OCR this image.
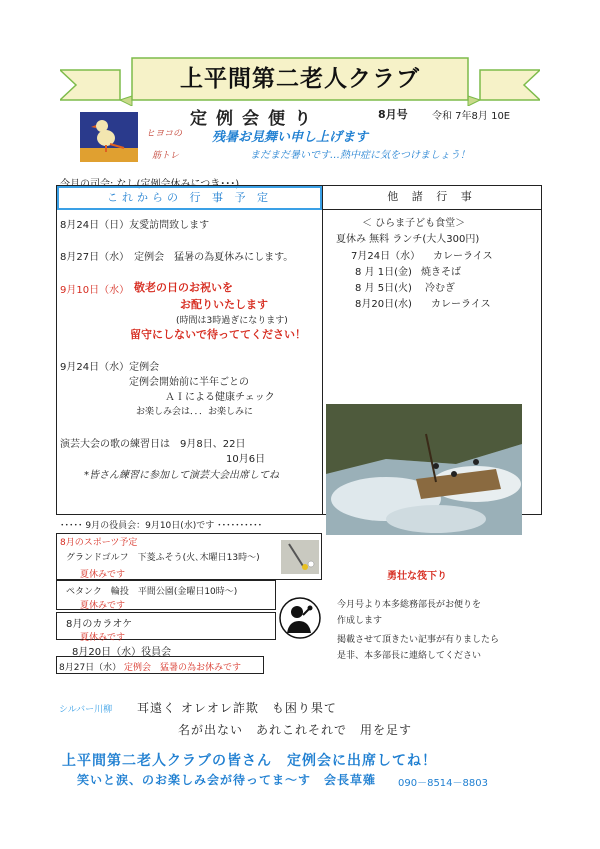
上平間第二老人クラブ
定例会便り	8月号 令和 7年8月 10E
ヒヨコの
筋トレ
残暑お見舞い申し上げます
まだまだ暑いです…熱中症に気をつけましょう！
今月の司会: なし(定例会休みにつき･･･)
これからの 行 事 予 定	他 諸 行 事
8月24日（日）友愛訪問致します
8月27日（水）　定例会　猛暑の為夏休みにします。
9月10日（水） 敬老の日のお祝いを
お配りいたします
(時間は3時過ぎになります)
留守にしないで待っててください！
9月24日（水）定例会
定例会開始前に半年ごとの
ＡＩによる健康チェック
お楽しみ会は．．．お楽しみに
演芸大会の歌の練習日は　9月8日、22日
10月6日
*皆さん練習に参加して演芸大会出席してね
＜ ひらま子ども食堂＞
夏休み 無料 ランチ(大人300円)
7月24日（水） カレーライス
8 月 1日(金) 焼きそば
8 月 5日(火) 冷むぎ
8月20日(水) カレーライス
勇壮な筏下り
今月号より本多総務部長がお便りを
作成します
掲載させて頂きたい記事が有りましたら
是非、本多部長に連絡してください
･････ 9月の役員会：9月10日(水)です ･･････････
8月のスポーツ予定
グランドゴルフ　下菱ふそう(火､木曜日13時～)
夏休みです
ペタンク　輪投　平間公園(金曜日10時～)
夏休みです
8月のカラオケ
夏休みです
8月20日（水）役員会
8月27日（水） 定例会　猛暑の為お休みです
シルバー川柳 耳遠く オレオレ詐欺　も困り果て
名が出ない　あれこれそれで　用を足す
上平間第二老人クラブの皆さん　定例会に出席してね！
笑いと涙、のお楽しみ会が待ってま～す　会長草薙 090－8514－8803
